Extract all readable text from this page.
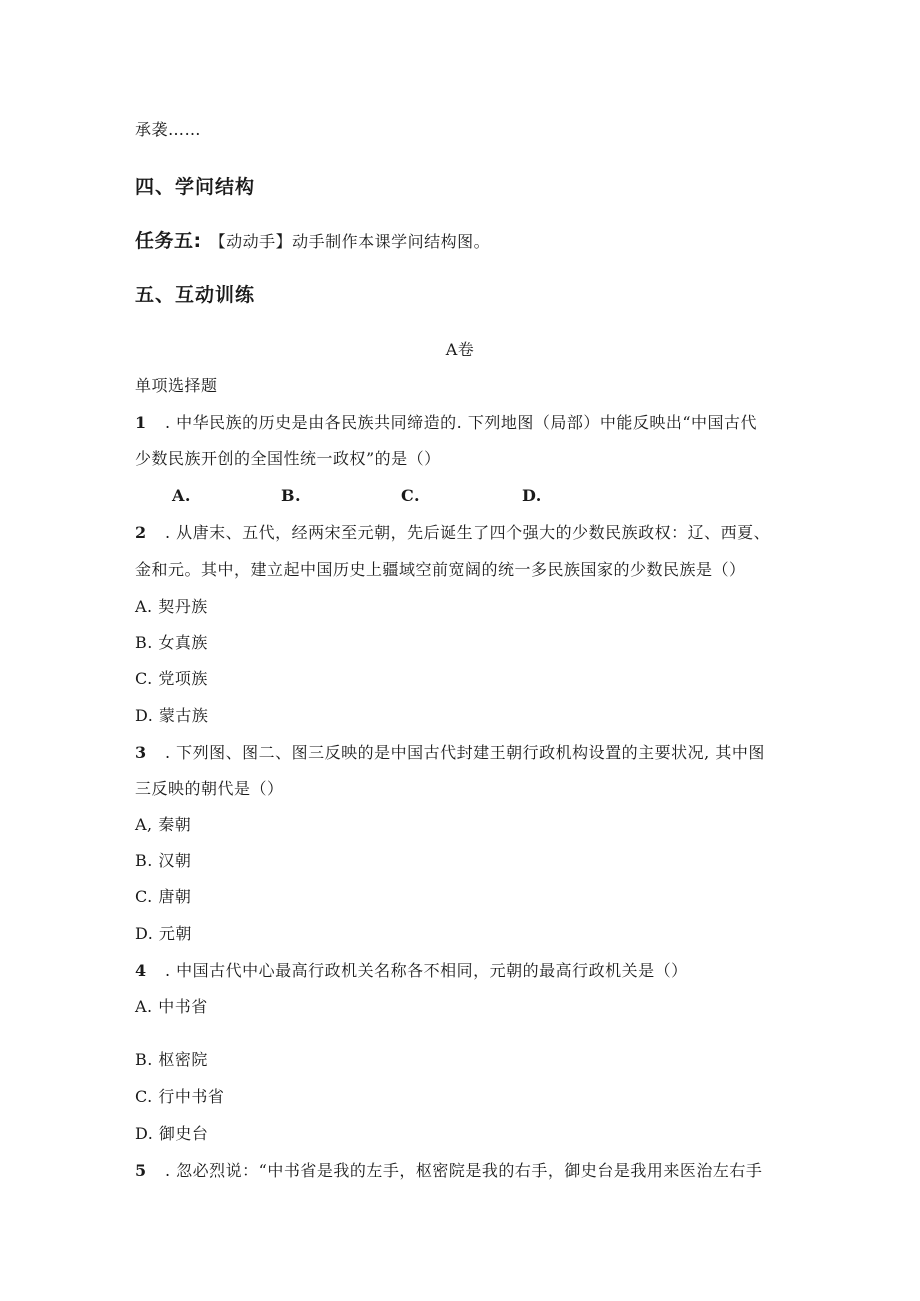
承袭……
四、学问结构
任务五: 【动动手】动手制作本课学问结构图。
五、互动训练
A卷
单项选择题
1 . 中华民族的历史是由各民族共同缔造的. 下列地图（局部）中能反映出“中国古代
少数民族开创的全国性统一政权”的是（）
A.	B.	C.	D.
2 . 从唐末、五代，经两宋至元朝，先后诞生了四个强大的少数民族政权：辽、西夏、
金和元。其中，建立起中国历史上疆域空前宽阔的统一多民族国家的少数民族是（）
A. 契丹族
B. 女真族
C. 党项族
D. 蒙古族
3 . 下列图、图二、图三反映的是中国古代封建王朝行政机构设置的主要状况, 其中图
三反映的朝代是（）
A, 秦朝
B. 汉朝
C. 唐朝
D. 元朝
4 . 中国古代中心最高行政机关名称各不相同，元朝的最高行政机关是（）
A. 中书省
B. 枢密院
C. 行中书省
D. 御史台
5 . 忽必烈说：“中书省是我的左手，枢密院是我的右手，御史台是我用来医治左右手
